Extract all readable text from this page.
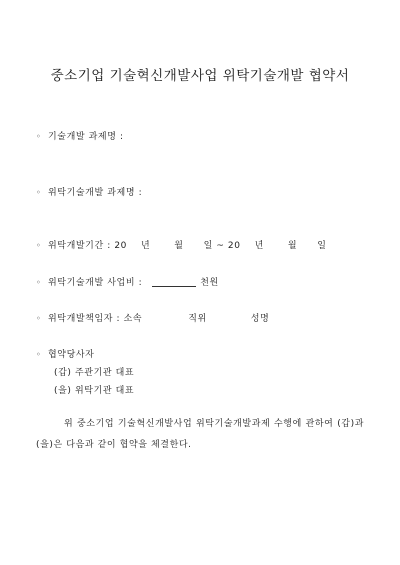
중소기업 기술혁신개발사업 위탁기술개발 협약서
◦ 기술개발 과제명 :
◦ 위탁기술개발 과제명 :
◦ 위탁개발기간 : 20 년	월 일 ~ 20 년	월 일
◦ 위탁기술개발 사업비 :	천원
◦ 위탁개발책임자 : 소속	직위	성명
◦ 협약당사자
(갑) 주관기관 대표
(을) 위탁기관 대표
위 중소기업 기술혁신개발사업 위탁기술개발과제 수행에 관하여 (갑)과 (을)은 다음과 같이 협약을 체결한다.
